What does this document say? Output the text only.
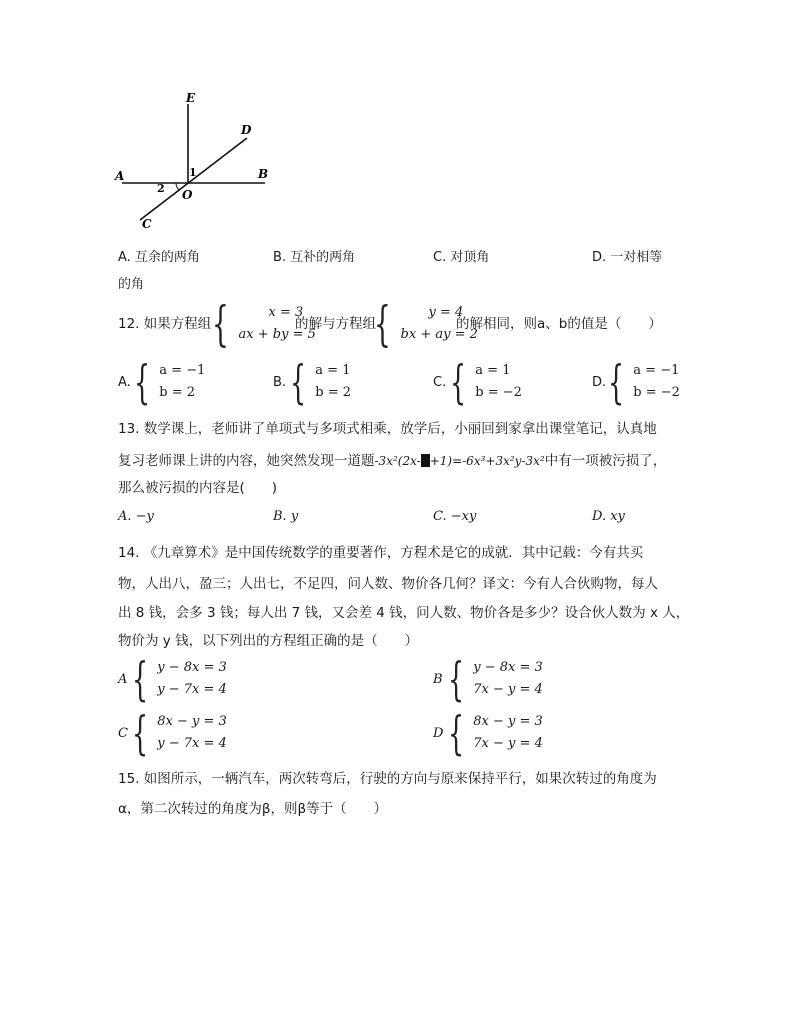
E
D
A	B
O
C
1
2
A. 互余的两角	B. 互补的两角	C. 对顶角	D. 一对相等
的角
12. 如果方程组 {	x = 3
ax + by = 5
的解与方程组
{	y = 4
bx + ay = 2
的解相同，则a、b的值是（　　）
A. { a = −1
b = 2
B. { a = 1
b = 2
C. { a = 1
b = −2
D. { a = −1
b = −2
13. 数学课上，老师讲了单项式与多项式相乘，放学后，小丽回到家拿出课堂笔记，认真地
复习老师课上讲的内容，她突然发现一道题-3x²(2x- +1)=-6x³+3x²y-3x²中有一项被污损了，
那么被污损的内容是(　　)
A. −y	B. y	C. −xy	D. xy
14. 《九章算术》是中国传统数学的重要著作，方程术是它的成就．其中记载：今有共买
物，人出八，盈三；人出七，不足四，问人数、物价各几何？译文：今有人合伙购物，每人
出 8 钱，会多 3 钱；每人出 7 钱，又会差 4 钱，问人数、物价各是多少？设合伙人数为 x 人，
物价为 y 钱，以下列出的方程组正确的是（　　）
A { y − 8x = 3
y − 7x = 4
B { y − 8x = 3
7x − y = 4
C { 8x − y = 3
y − 7x = 4
D { 8x − y = 3
7x − y = 4
15. 如图所示，一辆汽车，两次转弯后，行驶的方向与原来保持平行，如果次转过的角度为
α，第二次转过的角度为β，则β等于（　　）
